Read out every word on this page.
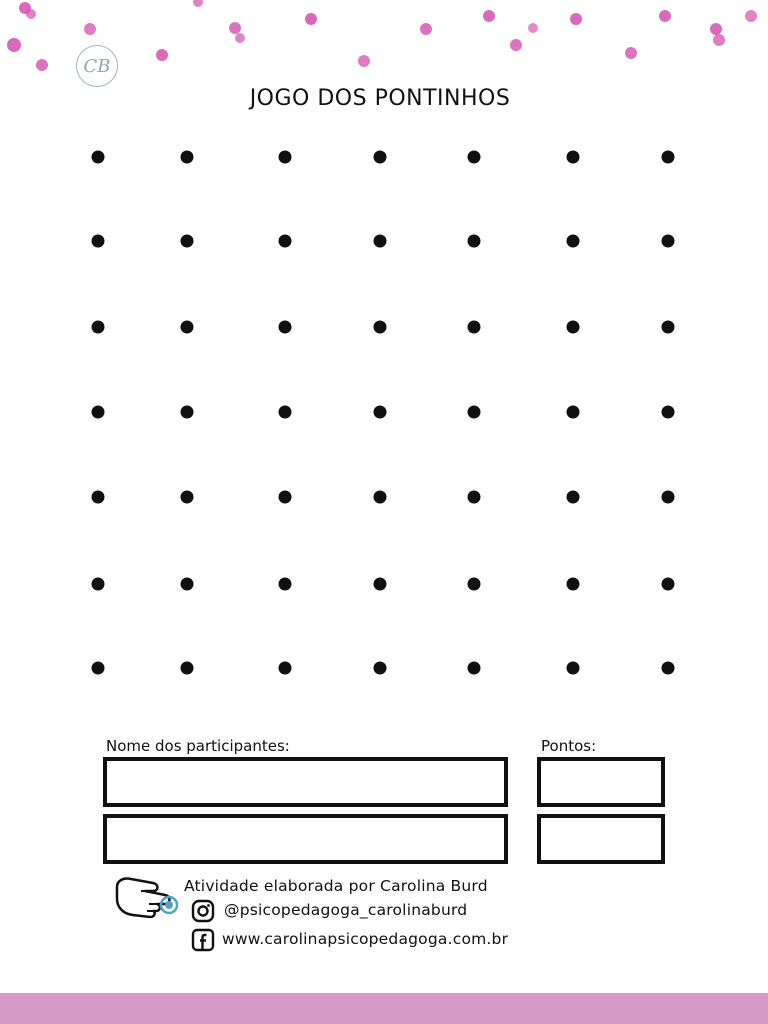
CB
JOGO DOS PONTINHOS
Nome dos participantes:	Pontos:
Atividade elaborada por Carolina Burd
@psicopedagoga_carolinaburd
www.carolinapsicopedagoga.com.br
